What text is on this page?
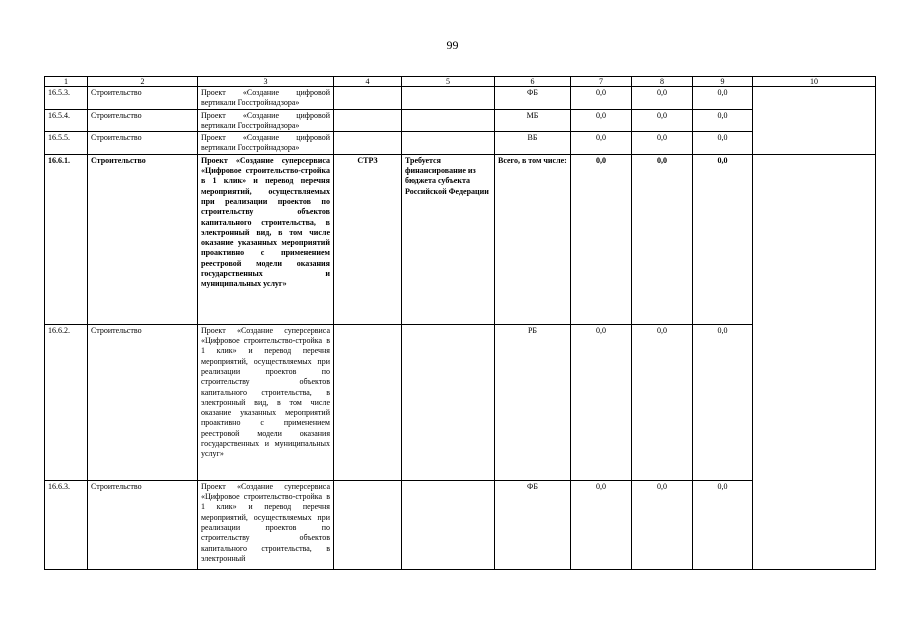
99
1	2	3	4	5	6	7	8	9	10
16.5.3.	Строительство	Проект «Создание цифровой вертикали Госстройнадзора»			ФБ	0,0	0,0	0,0	
16.5.4.	Строительство	Проект «Создание цифровой вертикали Госстройнадзора»			МБ	0,0	0,0	0,0	
16.5.5.	Строительство	Проект «Создание цифровой вертикали Госстройнадзора»			ВБ	0,0	0,0	0,0	
16.6.1.	Строительство	Проект «Создание суперсервиса «Цифровое строительство-стройка в 1 клик» и перевод перечня мероприятий, осуществляемых при реализации проектов по строительству объектов капитального строительства, в электронный вид, в том числе оказание указанных мероприятий проактивно с применением реестровой модели оказания государственных и муниципальных услуг»	СТРЗ	Требуется финансирование из бюджета субъекта Российской Федерации	Всего, в том числе:	0,0	0,0	0,0	
16.6.2.	Строительство	Проект «Создание суперсервиса «Цифровое строительство-стройка в 1 клик» и перевод перечня мероприятий, осуществляемых при реализации проектов по строительству объектов капитального строительства, в электронный вид, в том числе оказание указанных мероприятий проактивно с применением реестровой модели оказания государственных и муниципальных услуг»			РБ	0,0	0,0	0,0	
16.6.3.	Строительство	Проект «Создание суперсервиса «Цифровое строительство-стройка в 1 клик» и перевод перечня мероприятий, осуществляемых при реализации проектов по строительству объектов капитального строительства, в электронный			ФБ	0,0	0,0	0,0	
